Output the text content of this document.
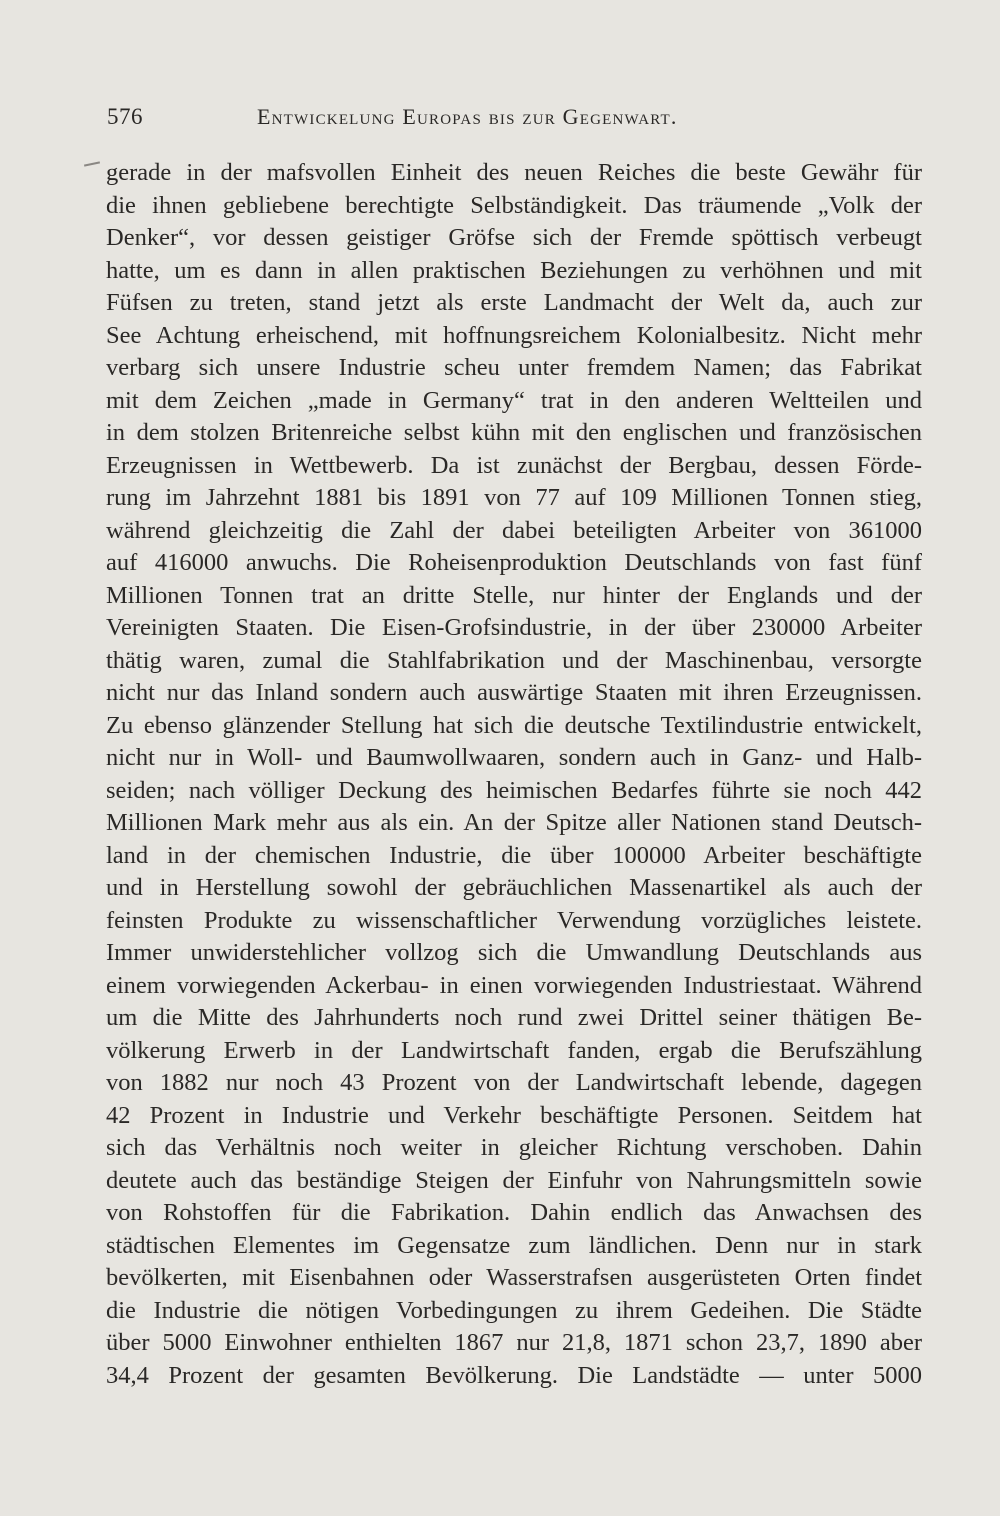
576	Entwickelung Europas bis zur Gegenwart.
gerade in der mafsvollen Einheit des neuen Reiches die beste Gewähr für
die ihnen gebliebene berechtigte Selbständigkeit. Das träumende „Volk der
Denker“, vor dessen geistiger Gröfse sich der Fremde spöttisch verbeugt
hatte, um es dann in allen praktischen Beziehungen zu verhöhnen und mit
Füfsen zu treten, stand jetzt als erste Landmacht der Welt da, auch zur
See Achtung erheischend, mit hoffnungsreichem Kolonialbesitz. Nicht mehr
verbarg sich unsere Industrie scheu unter fremdem Namen; das Fabrikat
mit dem Zeichen „made in Germany“ trat in den anderen Weltteilen und
in dem stolzen Britenreiche selbst kühn mit den englischen und französischen
Erzeugnissen in Wettbewerb. Da ist zunächst der Bergbau, dessen Förde-
rung im Jahrzehnt 1881 bis 1891 von 77 auf 109 Millionen Tonnen stieg,
während gleichzeitig die Zahl der dabei beteiligten Arbeiter von 361000
auf 416000 anwuchs. Die Roheisenproduktion Deutschlands von fast fünf
Millionen Tonnen trat an dritte Stelle, nur hinter der Englands und der
Vereinigten Staaten. Die Eisen-Grofsindustrie, in der über 230000 Arbeiter
thätig waren, zumal die Stahlfabrikation und der Maschinenbau, versorgte
nicht nur das Inland sondern auch auswärtige Staaten mit ihren Erzeugnissen.
Zu ebenso glänzender Stellung hat sich die deutsche Textilindustrie entwickelt,
nicht nur in Woll- und Baumwollwaaren, sondern auch in Ganz- und Halb-
seiden; nach völliger Deckung des heimischen Bedarfes führte sie noch 442
Millionen Mark mehr aus als ein. An der Spitze aller Nationen stand Deutsch-
land in der chemischen Industrie, die über 100000 Arbeiter beschäftigte
und in Herstellung sowohl der gebräuchlichen Massenartikel als auch der
feinsten Produkte zu wissenschaftlicher Verwendung vorzügliches leistete.
Immer unwiderstehlicher vollzog sich die Umwandlung Deutschlands aus
einem vorwiegenden Ackerbau- in einen vorwiegenden Industriestaat. Während
um die Mitte des Jahrhunderts noch rund zwei Drittel seiner thätigen Be-
völkerung Erwerb in der Landwirtschaft fanden, ergab die Berufszählung
von 1882 nur noch 43 Prozent von der Landwirtschaft lebende, dagegen
42 Prozent in Industrie und Verkehr beschäftigte Personen. Seitdem hat
sich das Verhältnis noch weiter in gleicher Richtung verschoben. Dahin
deutete auch das beständige Steigen der Einfuhr von Nahrungsmitteln sowie
von Rohstoffen für die Fabrikation. Dahin endlich das Anwachsen des
städtischen Elementes im Gegensatze zum ländlichen. Denn nur in stark
bevölkerten, mit Eisenbahnen oder Wasserstrafsen ausgerüsteten Orten findet
die Industrie die nötigen Vorbedingungen zu ihrem Gedeihen. Die Städte
über 5000 Einwohner enthielten 1867 nur 21,8, 1871 schon 23,7, 1890 aber
34,4 Prozent der gesamten Bevölkerung. Die Landstädte — unter 5000
